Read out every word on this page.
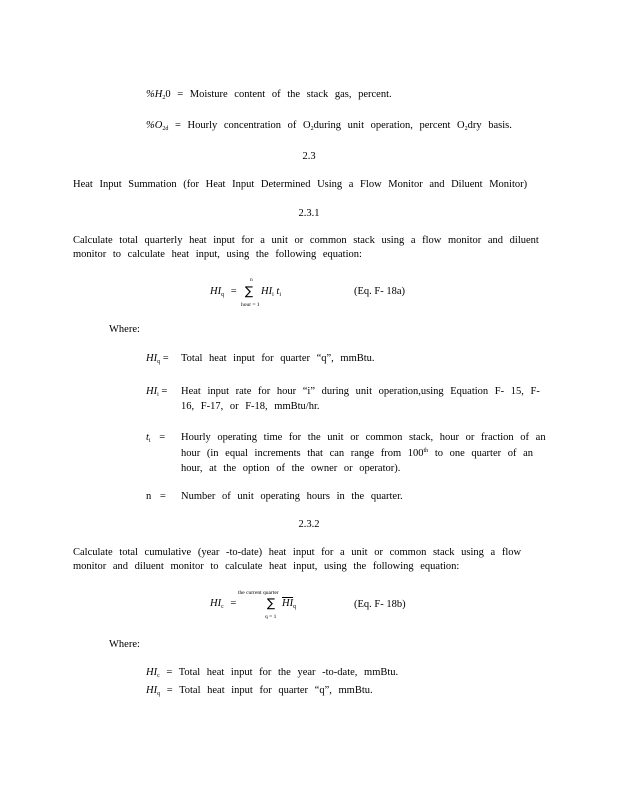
$\%H_20$ = Moisture content of the stack gas, percent.
$\%O_{2d}$ = Hourly concentration of $O_2during$ unit operation, percent $O_2dry$ basis.
2.3
Heat Input Summation (for Heat Input Determined Using a Flow Monitor and Diluent Monitor)
2.3.1
Calculate total quarterly heat input for a unit or common stack using a flow monitor and diluent
monitor to calculate heat input, using the following equation:
$HI_q$ =
n
∑
hour = 1
$HI_i$ $t_i$	(Eq. F- 18a)
Where:
$HI_q$ = Total heat input for quarter “q”, mmBtu.
$HI_i$ = Heat input rate for hour “i” during unit operation,using Equation F- 15, F-
16, F-17, or F-18, mmBtu/hr.
$t_i$ = Hourly operating time for the unit or common stack, hour or fraction of an
hour (in equal increments that can range from 100th to one quarter of an
hour, at the option of the owner or operator).
n = Number of unit operating hours in the quarter.
2.3.2
Calculate total cumulative (year -to-date) heat input for a unit or common stack using a flow
monitor and diluent monitor to calculate heat input, using the following equation:
$HI_c$ =
the current quarter
∑
q = 1
$\overline{HI}_q$	(Eq. F- 18b)
Where:
$HI_c$ = Total heat input for the year -to-date, mmBtu.
$HI_q$ = Total heat input for quarter “q”, mmBtu.
